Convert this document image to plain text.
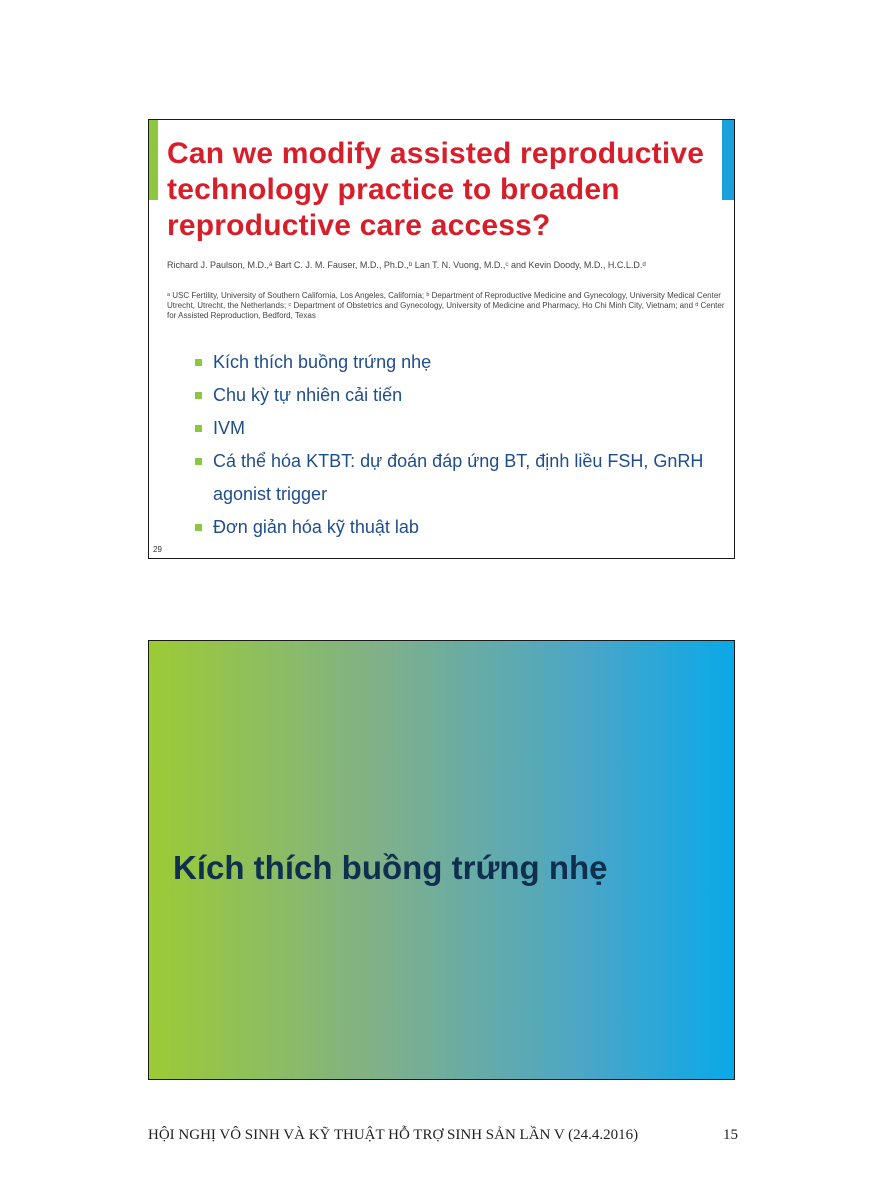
Can we modify assisted reproductive technology practice to broaden reproductive care access?
Richard J. Paulson, M.D.,ᵃ Bart C. J. M. Fauser, M.D., Ph.D.,ᵇ Lan T. N. Vuong, M.D.,ᶜ and Kevin Doody, M.D., H.C.L.D.ᵈ
ᵃ USC Fertility, University of Southern California, Los Angeles, California; ᵇ Department of Reproductive Medicine and Gynecology, University Medical Center Utrecht, Utrecht, the Netherlands; ᶜ Department of Obstetrics and Gynecology, University of Medicine and Pharmacy, Ho Chi Minh City, Vietnam; and ᵈ Center for Assisted Reproduction, Bedford, Texas
Kích thích buồng trứng nhẹ
Chu kỳ tự nhiên cải tiến
IVM
Cá thể hóa KTBT: dự đoán đáp ứng BT, định liều FSH, GnRH agonist trigger
Đơn giản hóa kỹ thuật lab
29
Kích thích buồng trứng nhẹ
HỘI NGHỊ VÔ SINH VÀ KỸ THUẬT HỖ TRỢ SINH SẢN LẦN V (24.4.2016)	15
